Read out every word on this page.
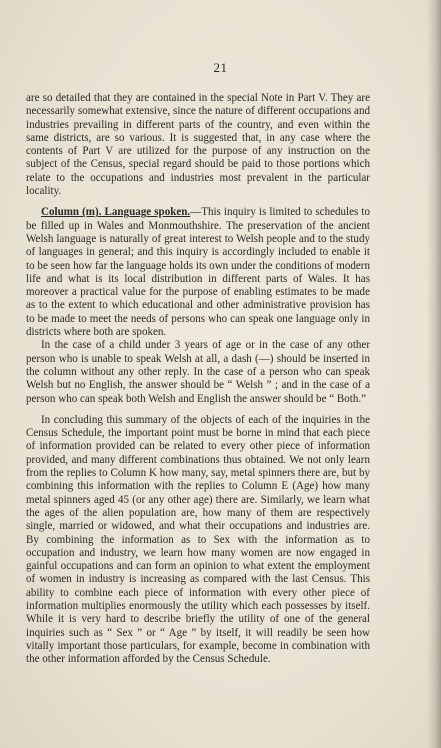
21

are so detailed that they are contained in the special Note in Part V. They are necessarily somewhat extensive, since the nature of different occupations and industries prevailing in different parts of the country, and even within the same districts, are so various. It is suggested that, in any case where the contents of Part V are utilized for the purpose of any instruction on the subject of the Census, special regard should be paid to those portions which relate to the occupations and industries most prevalent in the particular locality.

Column (m). Language spoken.—This inquiry is limited to schedules to be filled up in Wales and Monmouthshire. The preservation of the ancient Welsh language is naturally of great interest to Welsh people and to the study of languages in general; and this inquiry is accordingly included to enable it to be seen how far the language holds its own under the conditions of modern life and what is its local distribution in different parts of Wales. It has moreover a practical value for the purpose of enabling estimates to be made as to the extent to which educational and other administrative provision has to be made to meet the needs of persons who can speak one language only in districts where both are spoken.

In the case of a child under 3 years of age or in the case of any other person who is unable to speak Welsh at all, a dash (—) should be inserted in the column without any other reply. In the case of a person who can speak Welsh but no English, the answer should be “ Welsh ” ; and in the case of a person who can speak both Welsh and English the answer should be “ Both.”

In concluding this summary of the objects of each of the inquiries in the Census Schedule, the important point must be borne in mind that each piece of information provided can be related to every other piece of information provided, and many different combinations thus obtained. We not only learn from the replies to Column K how many, say, metal spinners there are, but by combining this information with the replies to Column E (Age) how many metal spinners aged 45 (or any other age) there are. Similarly, we learn what the ages of the alien population are, how many of them are respectively single, married or widowed, and what their occupations and industries are. By combining the information as to Sex with the information as to occupation and industry, we learn how many women are now engaged in gainful occupations and can form an opinion to what extent the employment of women in industry is increasing as compared with the last Census. This ability to combine each piece of information with every other piece of information multiplies enormously the utility which each possesses by itself. While it is very hard to describe briefly the utility of one of the general inquiries such as “ Sex ” or “ Age ” by itself, it will readily be seen how vitally important those particulars, for example, become in combination with the other information afforded by the Census Schedule.
